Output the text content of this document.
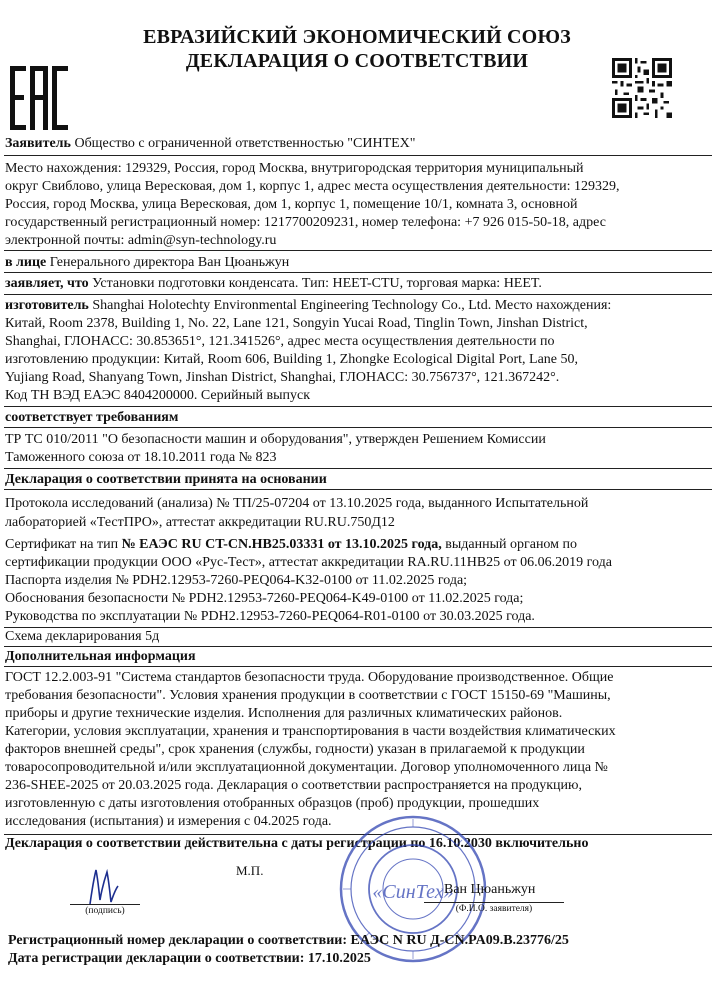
ЕВРАЗИЙСКИЙ ЭКОНОМИЧЕСКИЙ СОЮЗ
ДЕКЛАРАЦИЯ О СООТВЕТСТВИИ
Заявитель Общество с ограниченной ответственностью "СИНТЕХ"
Место нахождения: 129329, Россия, город Москва, внутригородская территория муниципальный
округ Свиблово, улица Вересковая, дом 1, корпус 1, адрес места осуществления деятельности: 129329,
Россия, город Москва, улица Вересковая, дом 1, корпус 1, помещение 10/1, комната 3, основной
государственный регистрационный номер: 1217700209231, номер телефона: +7 926 015-50-18, адрес
электронной почты: admin@syn-technology.ru
в лице Генерального директора Ван Цюаньжун
заявляет, что Установки подготовки конденсата. Тип: HEET-CTU, торговая марка: HEET.
изготовитель Shanghai Holotechty Environmental Engineering Technology Co., Ltd. Место нахождения:
Китай, Room 2378, Building 1, No. 22, Lane 121, Songyin Yucai Road, Tinglin Town, Jinshan District,
Shanghai, ГЛОНАСС: 30.853651°, 121.341526°, адрес места осуществления деятельности по
изготовлению продукции: Китай, Room 606, Building 1, Zhongke Ecological Digital Port, Lane 50,
Yujiang Road, Shanyang Town, Jinshan District, Shanghai, ГЛОНАСС: 30.756737°, 121.367242°.
Код ТН ВЭД ЕАЭС 8404200000. Серийный выпуск
соответствует требованиям
ТР ТС 010/2011 "О безопасности машин и оборудования", утвержден Решением Комиссии
Таможенного союза от 18.10.2011 года № 823
Декларация о соответствии принята на основании
Протокола исследований (анализа) № ТП/25-07204 от 13.10.2025 года, выданного Испытательной
лабораторией «ТестПРО», аттестат аккредитации RU.RU.750Д12
Сертификат на тип № ЕАЭС RU CT-CN.HB25.03331 от 13.10.2025 года, выданный органом по
сертификации продукции ООО «Рус-Тест», аттестат аккредитации RA.RU.11HB25 от 06.06.2019 года
Паспорта изделия № PDH2.12953-7260-PEQ064-K32-0100 от 11.02.2025 года;
Обоснования безопасности № PDH2.12953-7260-PEQ064-K49-0100 от 11.02.2025 года;
Руководства по эксплуатации № PDH2.12953-7260-PEQ064-R01-0100 от 30.03.2025 года.
Схема декларирования 5д
Дополнительная информация
ГОСТ 12.2.003-91 "Система стандартов безопасности труда. Оборудование производственное. Общие
требования безопасности". Условия хранения продукции в соответствии с ГОСТ 15150-69 "Машины,
приборы и другие технические изделия. Исполнения для различных климатических районов.
Категории, условия эксплуатации, хранения и транспортирования в части воздействия климатических
факторов внешней среды", срок хранения (службы, годности) указан в прилагаемой к продукции
товаросопроводительной и/или эксплуатационной документации. Договор уполномоченного лица №
236-SHEE-2025 от 20.03.2025 года. Декларация о соответствии распространяется на продукцию,
изготовленную с даты изготовления отобранных образцов (проб) продукции, прошедших
исследования (испытания) и измерения с 04.2025 года.
Декларация о соответствии действительна с даты регистрации по 16.10.2030 включительно
(подпись)
«СинТех»
М.П.
Ван Цюаньжун
(Ф.И.О. заявителя)
Регистрационный номер декларации о соответствии: ЕАЭС N RU Д-CN.PA09.B.23776/25
Дата регистрации декларации о соответствии: 17.10.2025
